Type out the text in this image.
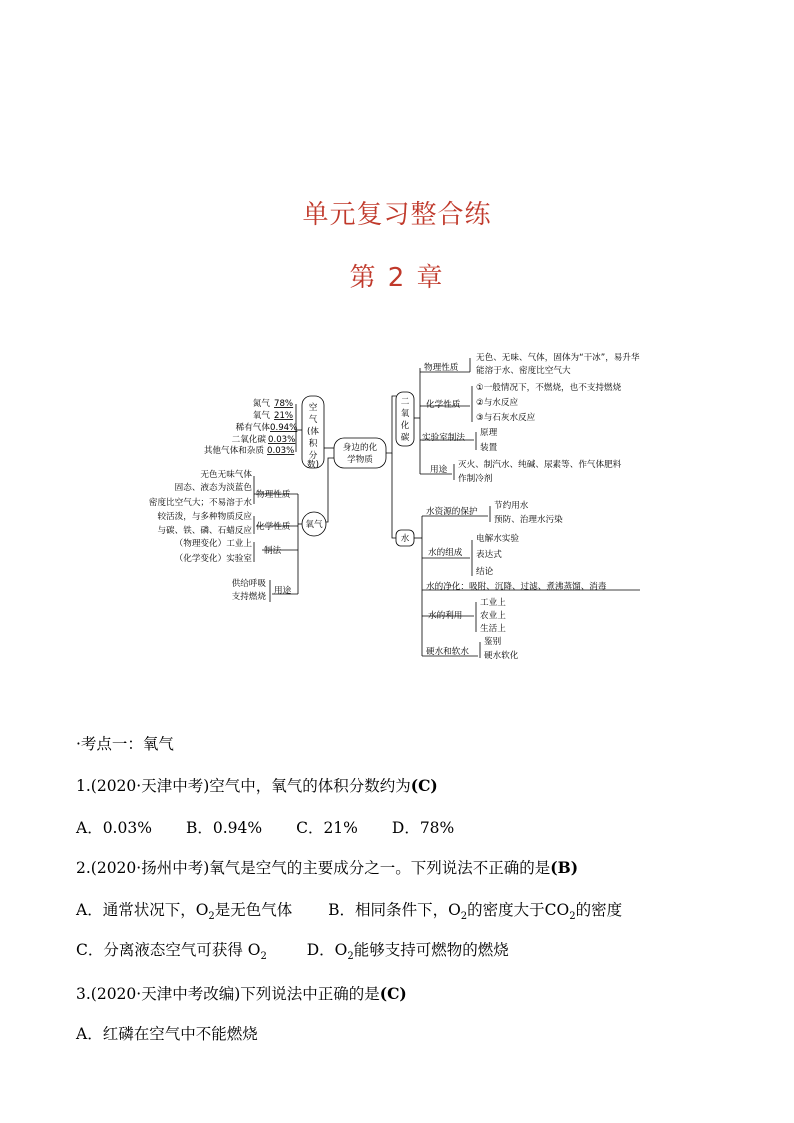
单元复习整合练
第 2 章
身边的化
学物质
空
气
(体
积
分
数)
氮气 78%
氧气 21%
稀有气体 0.94%
二氧化碳 0.03%
其他气体和杂质 0.03%
氧气
物理性质
无色无味气体
固态、液态为淡蓝色
密度比空气大；不易溶于水
化学性质
较活泼，与多种物质反应
与碳、铁、磷、石蜡反应
制法
（物理变化）工业上
（化学变化）实验室
用途
供给呼吸
支持燃烧
二
氧
化
碳
物理性质
无色、无味、气体，固体为“干冰”，易升华
能溶于水、密度比空气大
化学性质
①一般情况下，不燃烧，也不支持燃烧
②与水反应
③与石灰水反应
实验室制法 原理
装置
用途 灭火、制汽水、纯碱、尿素等、作气体肥料
作制冷剂
水
水资源的保护
节约用水
预防、治理水污染
水的组成
电解水实验
表达式
结论
水的净化：吸附、沉降、过滤、煮沸蒸馏、消毒
水的利用
工业上
农业上
生活上
硬水和软水
鉴别
硬水软化
·考点一：氧气
1.(2020·天津中考)空气中，氧气的体积分数约为(C)
A．0.03% B．0.94% C．21% D．78%
2.(2020·扬州中考)氧气是空气的主要成分之一。下列说法不正确的是(B)
A．通常状况下，$O_2$是无色气体 B．相同条件下，$O_2$的密度大于$CO_2$的密度
C．分离液态空气可获得 $O_2$	D．$O_2$能够支持可燃物的燃烧
3.(2020·天津中考改编)下列说法中正确的是(C)
A．红磷在空气中不能燃烧
